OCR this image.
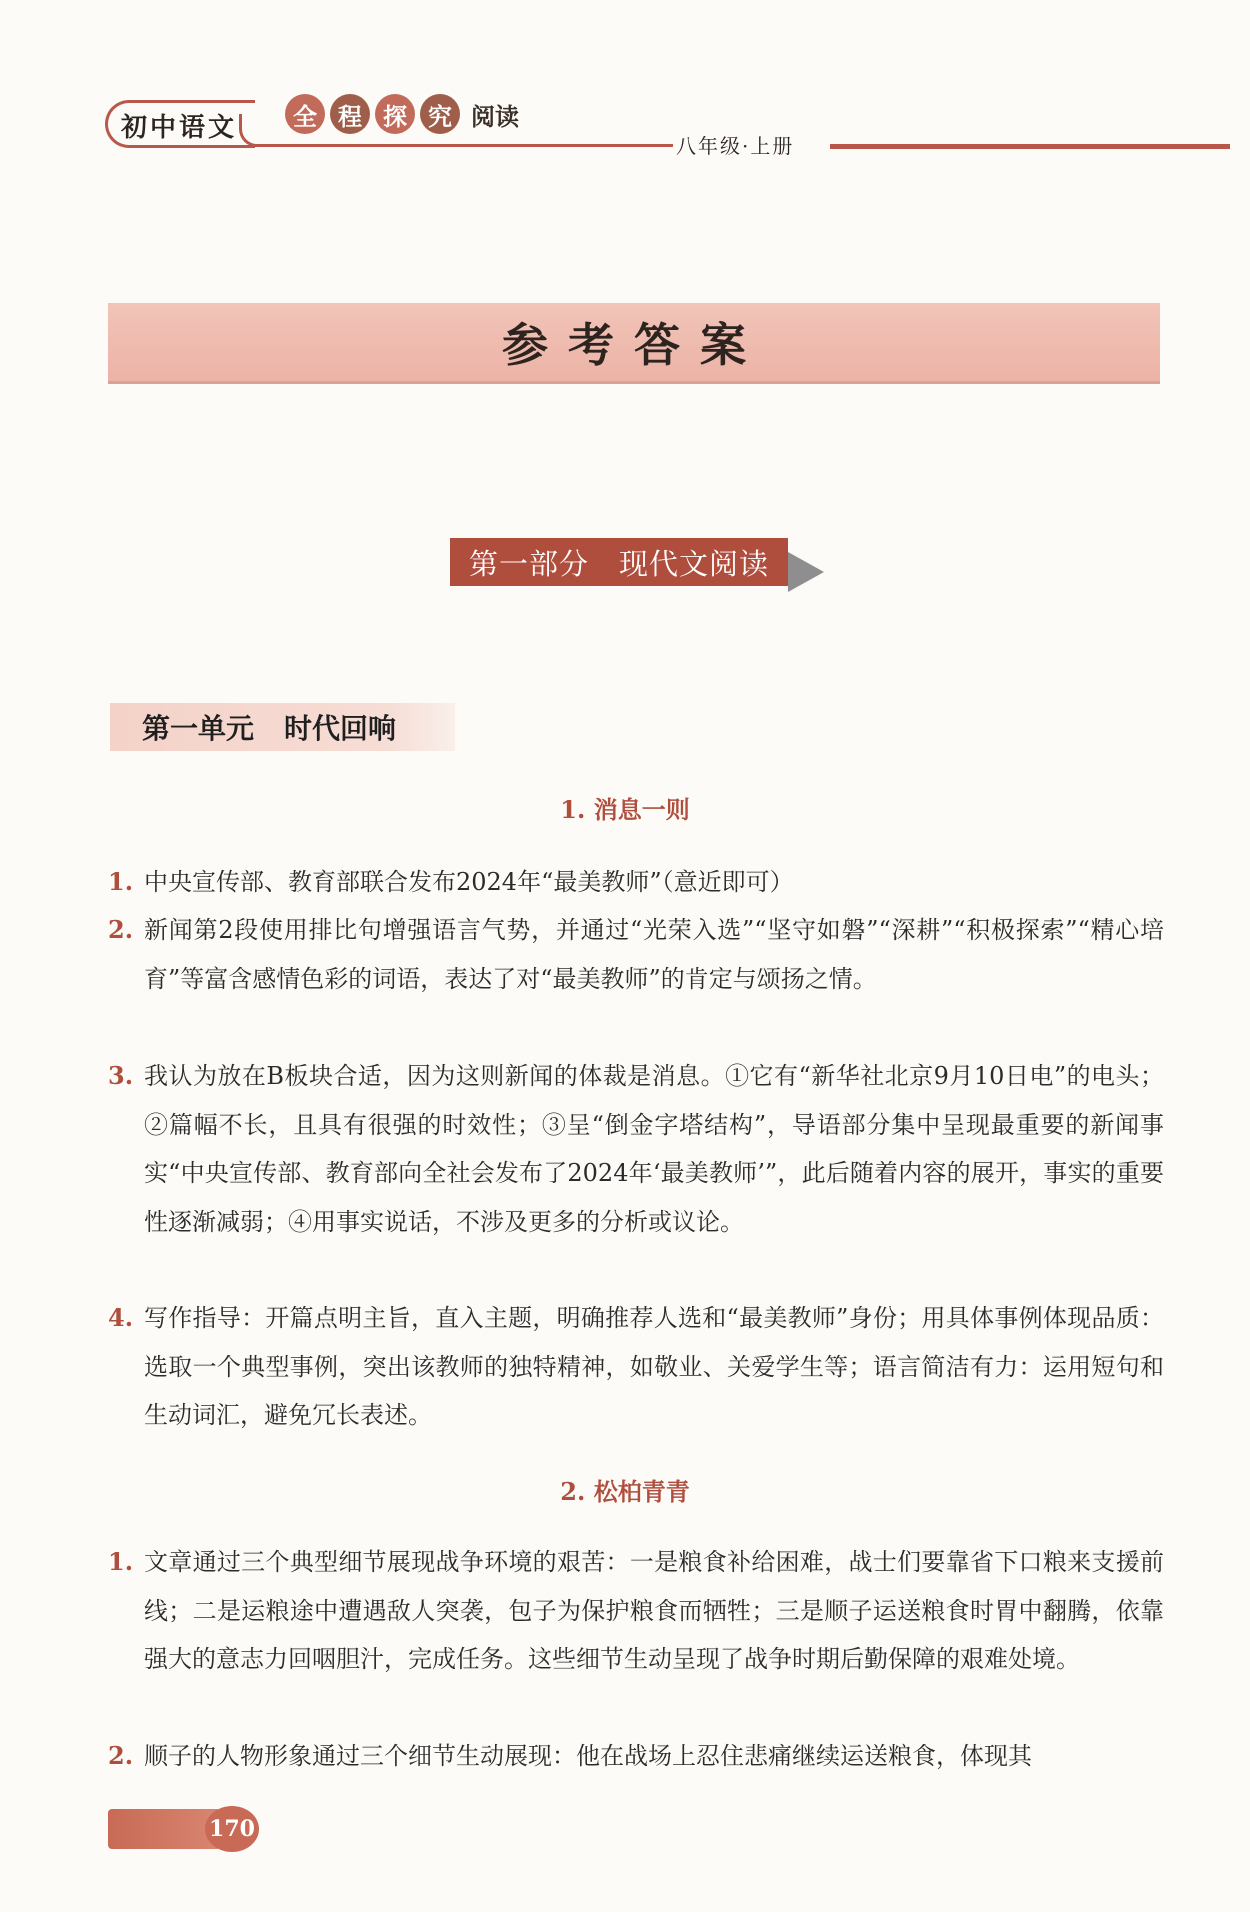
初中语文	全 程 探 究 阅读
八年级·上册
参考答案
第一部分 现代文阅读
第一单元 时代回响
1. 消息一则
1. 中央宣传部、教育部联合发布2024年“最美教师”（意近即可）
2. 新闻第2段使用排比句增强语言气势，并通过“光荣入选”“坚守如磐”“深耕”“积极探索”“精心培育”等富含感情色彩的词语，表达了对“最美教师”的肯定与颂扬之情。
3. 我认为放在B板块合适，因为这则新闻的体裁是消息。①它有“新华社北京9月10日电”的电头；②篇幅不长，且具有很强的时效性；③呈“倒金字塔结构”，导语部分集中呈现最重要的新闻事实“中央宣传部、教育部向全社会发布了2024年‘最美教师’”，此后随着内容的展开，事实的重要性逐渐减弱；④用事实说话，不涉及更多的分析或议论。
4. 写作指导：开篇点明主旨，直入主题，明确推荐人选和“最美教师”身份；用具体事例体现品质：选取一个典型事例，突出该教师的独特精神，如敬业、关爱学生等；语言简洁有力：运用短句和生动词汇，避免冗长表述。
2. 松柏青青
1. 文章通过三个典型细节展现战争环境的艰苦：一是粮食补给困难，战士们要靠省下口粮来支援前线；二是运粮途中遭遇敌人突袭，包子为保护粮食而牺牲；三是顺子运送粮食时胃中翻腾，依靠强大的意志力回咽胆汁，完成任务。这些细节生动呈现了战争时期后勤保障的艰难处境。
2. 顺子的人物形象通过三个细节生动展现：他在战场上忍住悲痛继续运送粮食，体现其
170
